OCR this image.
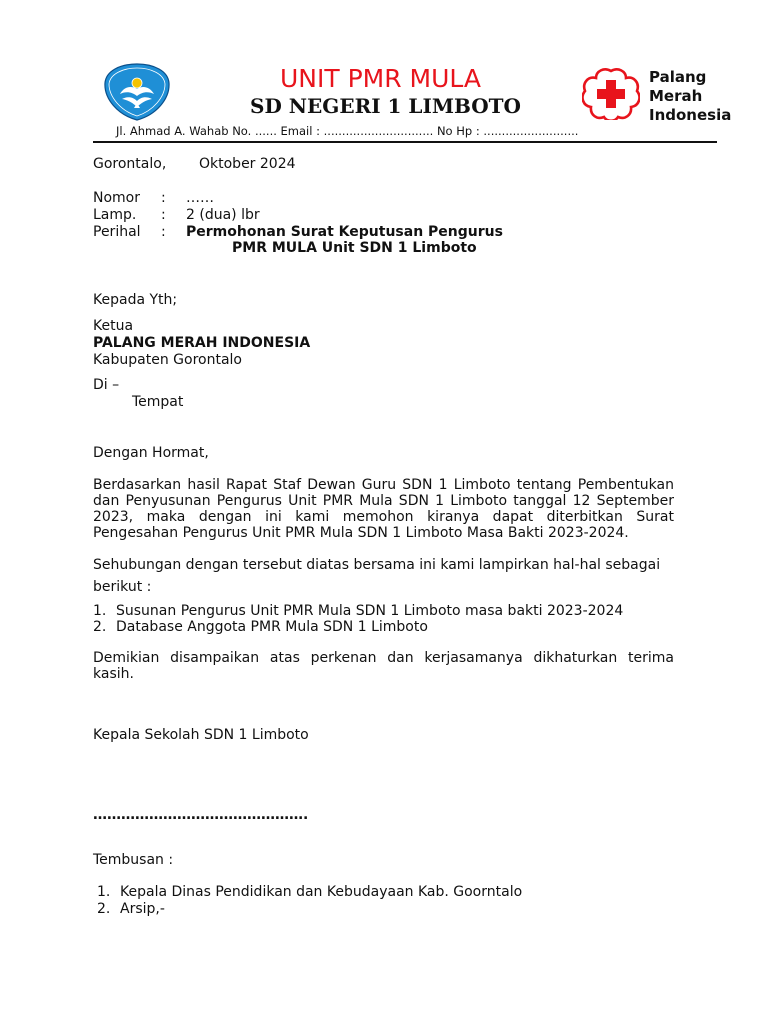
UNIT PMR MULA
SD NEGERI 1 LIMBOTO
Jl. Ahmad A. Wahab No. ...... Email : .............................. No Hp : ..........................
Palang
Merah
Indonesia
Gorontalo, Oktober 2024
Nomor : ……
Lamp. : 2 (dua) lbr
Perihal : Permohonan Surat Keputusan Pengurus
PMR MULA Unit SDN 1 Limboto
Kepada Yth;
Ketua
PALANG MERAH INDONESIA
Kabupaten Gorontalo
Di –
Tempat
Dengan Hormat,
Berdasarkan hasil Rapat Staf Dewan Guru SDN 1 Limboto tentang Pembentukan dan Penyusunan Pengurus Unit PMR Mula SDN 1 Limboto tanggal 12 September 2023, maka dengan ini kami memohon kiranya dapat diterbitkan Surat Pengesahan Pengurus Unit PMR Mula SDN 1 Limboto Masa Bakti 2023-2024.
Sehubungan dengan tersebut diatas bersama ini kami lampirkan hal-hal sebagai
berikut :
1. Susunan Pengurus Unit PMR Mula SDN 1 Limboto masa bakti 2023-2024
2. Database Anggota PMR Mula SDN 1 Limboto
Demikian disampaikan atas perkenan dan kerjasamanya dikhaturkan terima kasih.
Kepala Sekolah SDN 1 Limboto
……………………………………….
Tembusan :
1. Kepala Dinas Pendidikan dan Kebudayaan Kab. Goorntalo
2. Arsip,-
